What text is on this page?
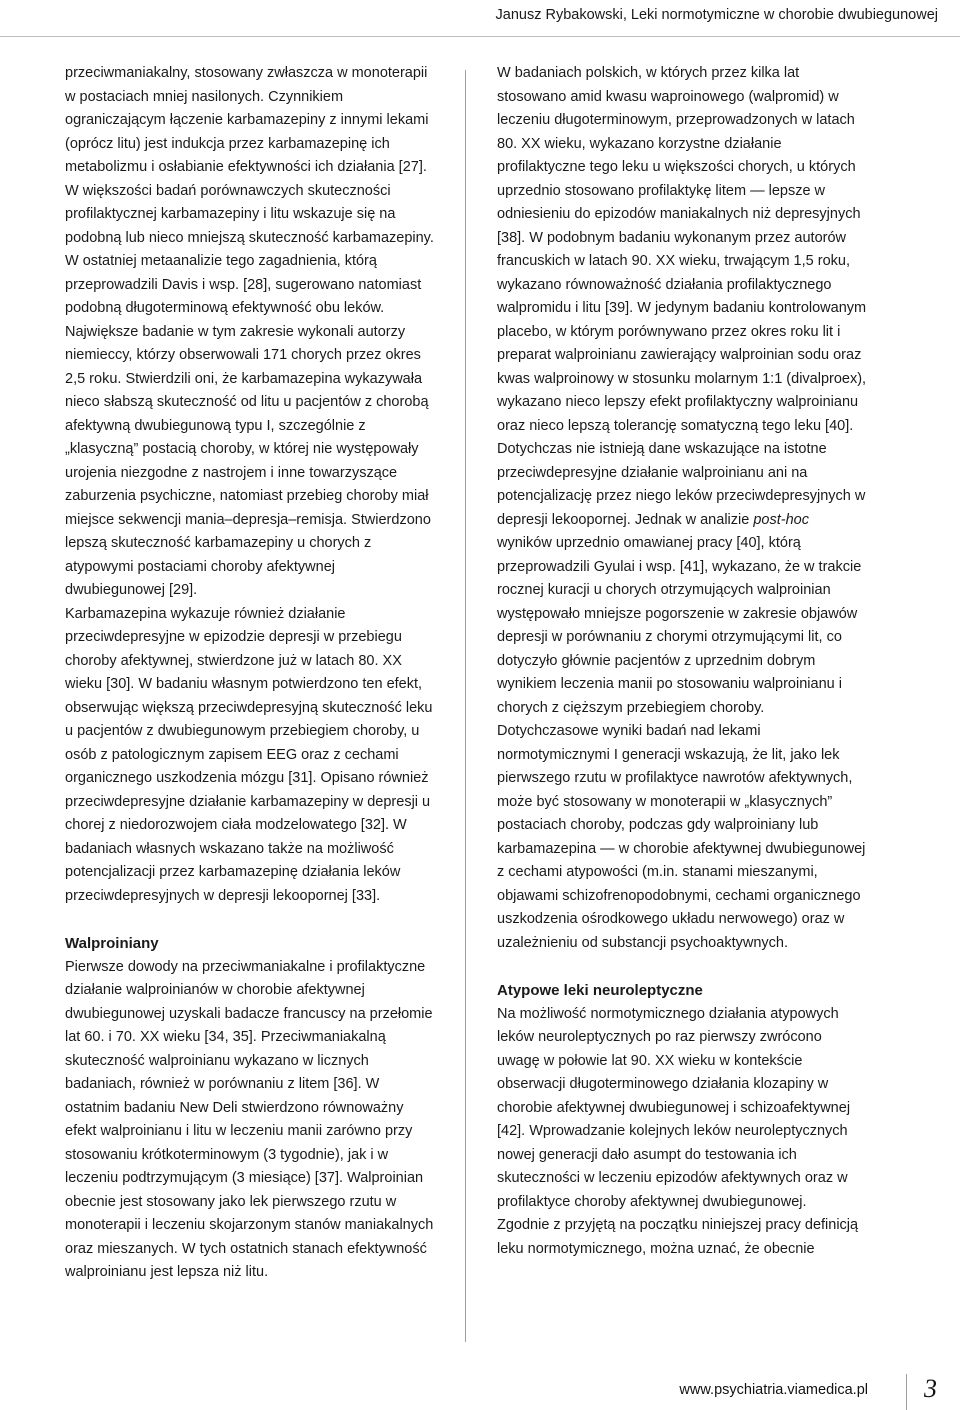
Janusz Rybakowski, Leki normotymiczne w chorobie dwubiegunowej

przeciwmaniakalny, stosowany zwłaszcza w monoterapii w postaciach mniej nasilonych. Czynnikiem ograniczającym łączenie karbamazepiny z innymi lekami (oprócz litu) jest indukcja przez karbamazepinę ich metabolizmu i osłabianie efektywności ich działania [27]. W większości badań porównawczych skuteczności profilaktycznej karbamazepiny i litu wskazuje się na podobną lub nieco mniejszą skuteczność karbamazepiny. W ostatniej metaanalizie tego zagadnienia, którą przeprowadzili Davis i wsp. [28], sugerowano natomiast podobną długoterminową efektywność obu leków. Największe badanie w tym zakresie wykonali autorzy niemieccy, którzy obserwowali 171 chorych przez okres 2,5 roku. Stwierdzili oni, że karbamazepina wykazywała nieco słabszą skuteczność od litu u pacjentów z chorobą afektywną dwubiegunową typu I, szczególnie z „klasyczną” postacią choroby, w której nie występowały urojenia niezgodne z nastrojem i inne towarzyszące zaburzenia psychiczne, natomiast przebieg choroby miał miejsce sekwencji mania–depresja–remisja. Stwierdzono lepszą skuteczność karbamazepiny u chorych z atypowymi postaciami choroby afektywnej dwubiegunowej [29].

Karbamazepina wykazuje również działanie przeciwdepresyjne w epizodzie depresji w przebiegu choroby afektywnej, stwierdzone już w latach 80. XX wieku [30]. W badaniu własnym potwierdzono ten efekt, obserwując większą przeciwdepresyjną skuteczność leku u pacjentów z dwubiegunowym przebiegiem choroby, u osób z patologicznym zapisem EEG oraz z cechami organicznego uszkodzenia mózgu [31]. Opisano również przeciwdepresyjne działanie karbamazepiny w depresji u chorej z niedorozwojem ciała modzelowatego [32]. W badaniach własnych wskazano także na możliwość potencjalizacji przez karbamazepinę działania leków przeciwdepresyjnych w depresji lekoopornej [33].

Walproiniany

Pierwsze dowody na przeciwmaniakalne i profilaktyczne działanie walproinianów w chorobie afektywnej dwubiegunowej uzyskali badacze francuscy na przełomie lat 60. i 70. XX wieku [34, 35]. Przeciwmaniakalną skuteczność walproinianu wykazano w licznych badaniach, również w porównaniu z litem [36]. W ostatnim badaniu New Deli stwierdzono równoważny efekt walproinianu i litu w leczeniu manii zarówno przy stosowaniu krótkoterminowym (3 tygodnie), jak i w leczeniu podtrzymującym (3 miesiące) [37]. Walproinian obecnie jest stosowany jako lek pierwszego rzutu w monoterapii i leczeniu skojarzonym stanów maniakalnych oraz mieszanych. W tych ostatnich stanach efektywność walproinianu jest lepsza niż litu.

W badaniach polskich, w których przez kilka lat stosowano amid kwasu waproinowego (walpromid) w leczeniu długoterminowym, przeprowadzonych w latach 80. XX wieku, wykazano korzystne działanie profilaktyczne tego leku u większości chorych, u których uprzednio stosowano profilaktykę litem — lepsze w odniesieniu do epizodów maniakalnych niż depresyjnych [38]. W podobnym badaniu wykonanym przez autorów francuskich w latach 90. XX wieku, trwającym 1,5 roku, wykazano równoważność działania profilaktycznego walpromidu i litu [39]. W jedynym badaniu kontrolowanym placebo, w którym porównywano przez okres roku lit i preparat walproinianu zawierający walproinian sodu oraz kwas walproinowy w stosunku molarnym 1:1 (divalproex), wykazano nieco lepszy efekt profilaktyczny walproinianu oraz nieco lepszą tolerancję somatyczną tego leku [40]. Dotychczas nie istnieją dane wskazujące na istotne przeciwdepresyjne działanie walproinianu ani na potencjalizację przez niego leków przeciwdepresyjnych w depresji lekoopornej. Jednak w analizie post-hoc wyników uprzednio omawianej pracy [40], którą przeprowadzili Gyulai i wsp. [41], wykazano, że w trakcie rocznej kuracji u chorych otrzymujących walproinian występowało mniejsze pogorszenie w zakresie objawów depresji w porównaniu z chorymi otrzymującymi lit, co dotyczyło głównie pacjentów z uprzednim dobrym wynikiem leczenia manii po stosowaniu walproinianu i chorych z cięższym przebiegiem choroby.

Dotychczasowe wyniki badań nad lekami normotymicznymi I generacji wskazują, że lit, jako lek pierwszego rzutu w profilaktyce nawrotów afektywnych, może być stosowany w monoterapii w „klasycznych” postaciach choroby, podczas gdy walproiniany lub karbamazepina — w chorobie afektywnej dwubiegunowej z cechami atypowości (m.in. stanami mieszanymi, objawami schizofrenopodobnymi, cechami organicznego uszkodzenia ośrodkowego układu nerwowego) oraz w uzależnieniu od substancji psychoaktywnych.

Atypowe leki neuroleptyczne

Na możliwość normotymicznego działania atypowych leków neuroleptycznych po raz pierwszy zwrócono uwagę w połowie lat 90. XX wieku w kontekście obserwacji długoterminowego działania klozapiny w chorobie afektywnej dwubiegunowej i schizoafektywnej [42]. Wprowadzanie kolejnych leków neuroleptycznych nowej generacji dało asumpt do testowania ich skuteczności w leczeniu epizodów afektywnych oraz w profilaktyce choroby afektywnej dwubiegunowej.

Zgodnie z przyjętą na początku niniejszej pracy definicją leku normotymicznego, można uznać, że obecnie

www.psychiatria.viamedica.pl 3
